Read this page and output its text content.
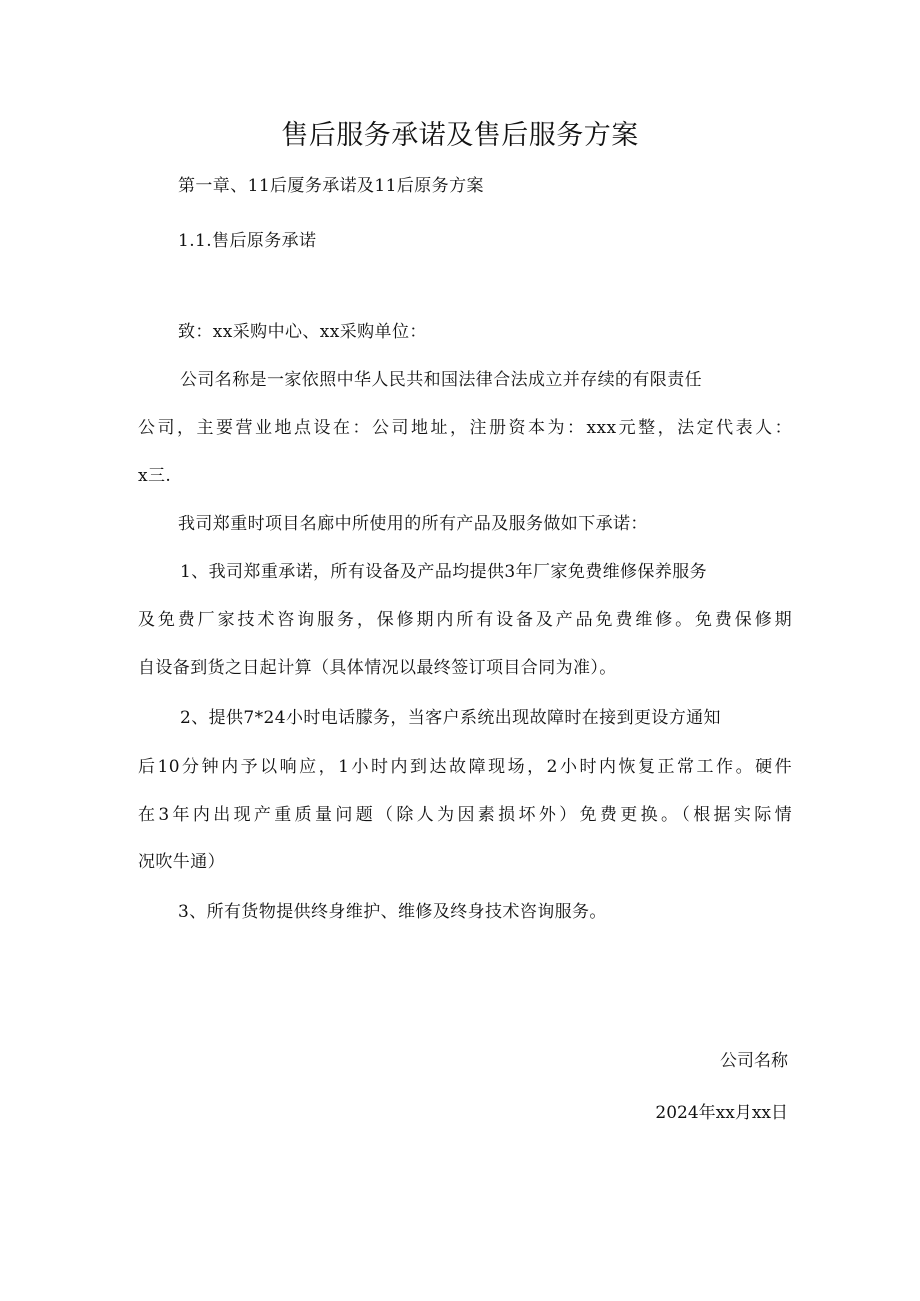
售后服务承诺及售后服务方案

第一章、11后厦务承诺及11后原务方案

1.1.售后原务承诺

致：xx采购中心、xx采购单位：

公司名称是一家依照中华人民共和国法律合法成立并存续的有限责任

公司，主要营业地点设在：公司地址，注册资本为：xxx元整，法定代表人：

x三.

我司郑重时项目名廊中所使用的所有产品及服务做如下承诺：

1、我司郑重承诺，所有设备及产品均提供3年厂家免费维修保养服务

及免费厂家技术咨询服务，保修期内所有设备及产品免费维修。免费保修期

自设备到货之日起计算（具体情况以最终签订项目合同为准）。

2、提供7*24小时电话朦务，当客户系统出现故障时在接到更设方通知

后10分钟内予以响应，1小时内到达故障现场，2小时内恢复正常工作。硬件

在3年内出现产重质量问题（除人为因素损坏外）免费更换。（根据实际情

况吹牛通）

3、所有货物提供终身维护、维修及终身技术咨询服务。

公司名称

2024年xx月xx日
